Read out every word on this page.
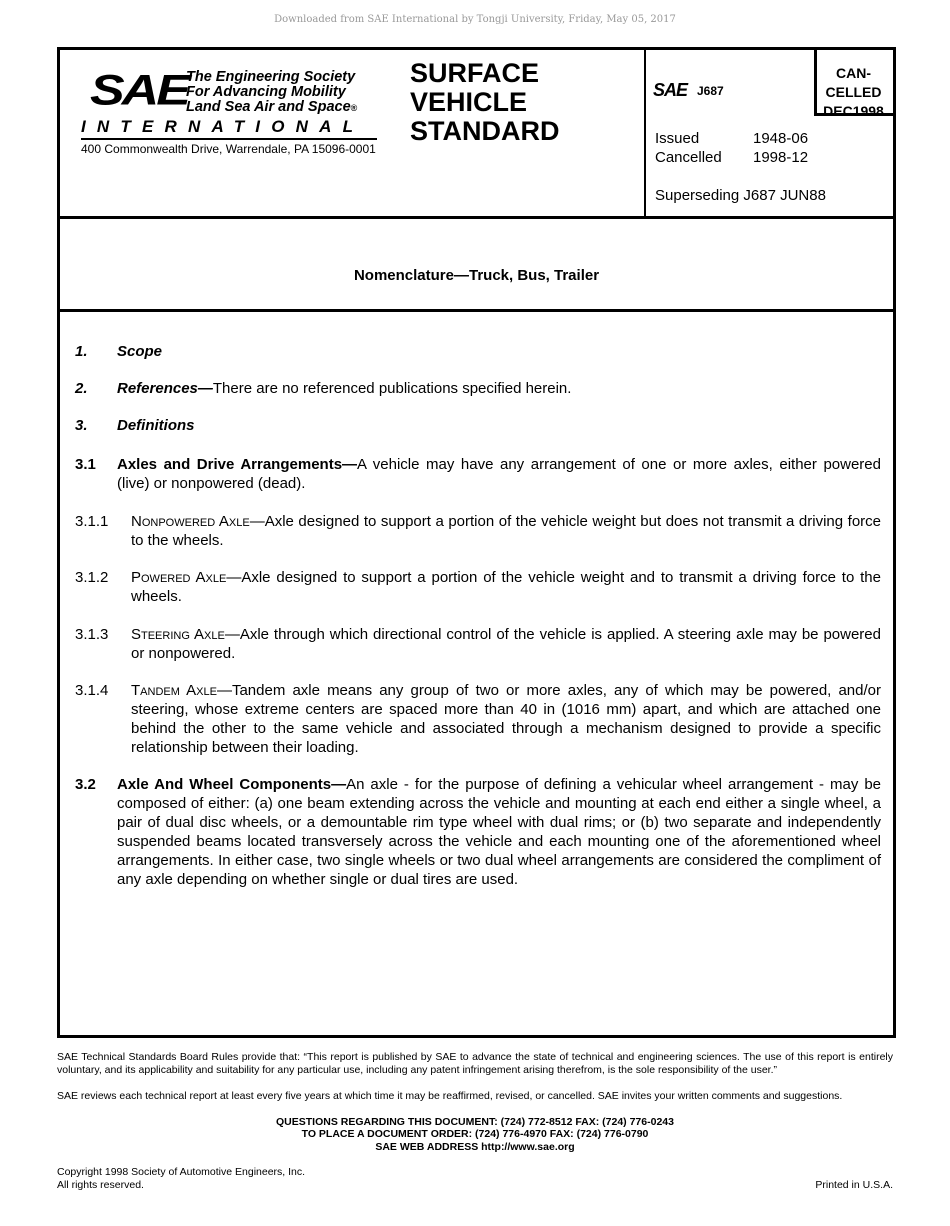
Downloaded from SAE International by Tongji University, Friday, May 05, 2017
SAE
The Engineering Society
For Advancing Mobility
Land Sea Air and Space®
INTERNATIONAL
400 Commonwealth Drive, Warrendale, PA 15096-0001
SURFACE
VEHICLE
STANDARD
SAE J687
CAN-
CELLED
DEC1998
Issued	1948-06
Cancelled	1998-12
Superseding J687 JUN88
Nomenclature—Truck, Bus, Trailer
1. Scope
2. References—There are no referenced publications specified herein.
3. Definitions
3.1 Axles and Drive Arrangements—A vehicle may have any arrangement of one or more axles, either powered (live) or nonpowered (dead).
3.1.1 Nonpowered Axle—Axle designed to support a portion of the vehicle weight but does not transmit a driving force to the wheels.
3.1.2 Powered Axle—Axle designed to support a portion of the vehicle weight and to transmit a driving force to the wheels.
3.1.3 Steering Axle—Axle through which directional control of the vehicle is applied. A steering axle may be powered or nonpowered.
3.1.4 Tandem Axle—Tandem axle means any group of two or more axles, any of which may be powered, and/or steering, whose extreme centers are spaced more than 40 in (1016 mm) apart, and which are attached one behind the other to the same vehicle and associated through a mechanism designed to provide a specific relationship between their loading.
3.2 Axle And Wheel Components—An axle - for the purpose of defining a vehicular wheel arrangement - may be composed of either: (a) one beam extending across the vehicle and mounting at each end either a single wheel, a pair of dual disc wheels, or a demountable rim type wheel with dual rims; or (b) two separate and independently suspended beams located transversely across the vehicle and each mounting one of the aforementioned wheel arrangements. In either case, two single wheels or two dual wheel arrangements are considered the compliment of any axle depending on whether single or dual tires are used.
SAE Technical Standards Board Rules provide that: “This report is published by SAE to advance the state of technical and engineering sciences. The use of this report is entirely voluntary, and its applicability and suitability for any particular use, including any patent infringement arising therefrom, is the sole responsibility of the user.”
SAE reviews each technical report at least every five years at which time it may be reaffirmed, revised, or cancelled. SAE invites your written comments and suggestions.
QUESTIONS REGARDING THIS DOCUMENT: (724) 772-8512 FAX: (724) 776-0243
TO PLACE A DOCUMENT ORDER: (724) 776-4970 FAX: (724) 776-0790
SAE WEB ADDRESS http://www.sae.org
Copyright 1998 Society of Automotive Engineers, Inc.
All rights reserved.	Printed in U.S.A.
